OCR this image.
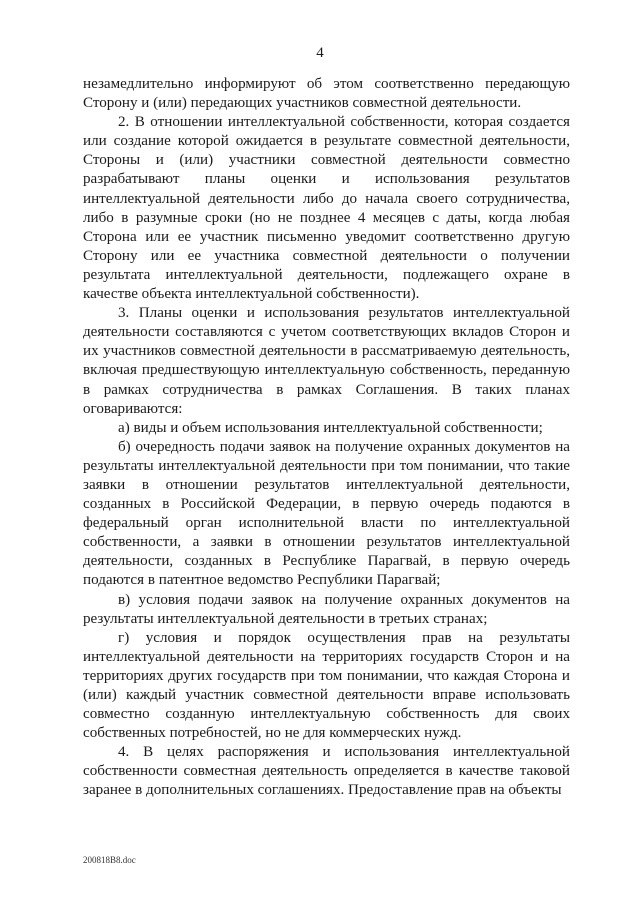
4

незамедлительно информируют об этом соответственно передающую Сторону и (или) передающих участников совместной деятельности.

2. В отношении интеллектуальной собственности, которая создается или создание которой ожидается в результате совместной деятельности, Стороны и (или) участники совместной деятельности совместно разрабатывают планы оценки и использования результатов интеллектуальной деятельности либо до начала своего сотрудничества, либо в разумные сроки (но не позднее 4 месяцев с даты, когда любая Сторона или ее участник письменно уведомит соответственно другую Сторону или ее участника совместной деятельности о получении результата интеллектуальной деятельности, подлежащего охране в качестве объекта интеллектуальной собственности).

3. Планы оценки и использования результатов интеллектуальной деятельности составляются с учетом соответствующих вкладов Сторон и их участников совместной деятельности в рассматриваемую деятельность, включая предшествующую интеллектуальную собственность, переданную в рамках сотрудничества в рамках Соглашения. В таких планах оговариваются:

а) виды и объем использования интеллектуальной собственности;

б) очередность подачи заявок на получение охранных документов на результаты интеллектуальной деятельности при том понимании, что такие заявки в отношении результатов интеллектуальной деятельности, созданных в Российской Федерации, в первую очередь подаются в федеральный орган исполнительной власти по интеллектуальной собственности, а заявки в отношении результатов интеллектуальной деятельности, созданных в Республике Парагвай, в первую очередь подаются в патентное ведомство Республики Парагвай;

в) условия подачи заявок на получение охранных документов на результаты интеллектуальной деятельности в третьих странах;

г) условия и порядок осуществления прав на результаты интеллектуальной деятельности на территориях государств Сторон и на территориях других государств при том понимании, что каждая Сторона и (или) каждый участник совместной деятельности вправе использовать совместно созданную интеллектуальную собственность для своих собственных потребностей, но не для коммерческих нужд.

4. В целях распоряжения и использования интеллектуальной собственности совместная деятельность определяется в качестве таковой заранее в дополнительных соглашениях. Предоставление прав на объекты

200818B8.doc
